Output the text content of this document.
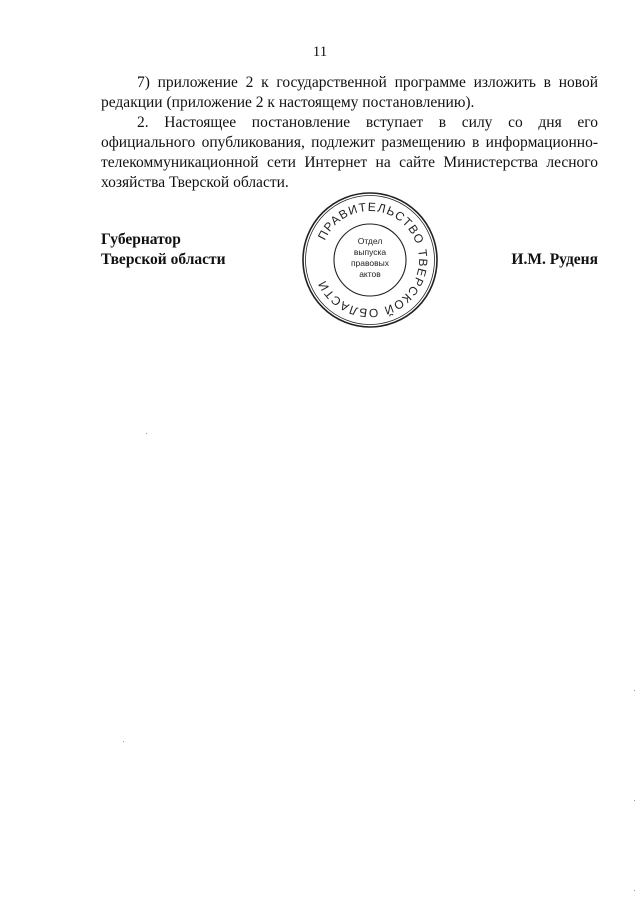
11

7) приложение 2 к государственной программе изложить в новой редакции (приложение 2 к настоящему постановлению).

2. Настоящее постановление вступает в силу со дня его официального опубликования, подлежит размещению в информационно-телекоммуникационной сети Интернет на сайте Министерства лесного хозяйства Тверской области.

Губернатор
Тверской области	И.М. Руденя
ПРАВИТЕЛЬСТВО ТВЕРСКОЙ ОБЛАСТИ
Отдел
выпуска
правовых
актов
